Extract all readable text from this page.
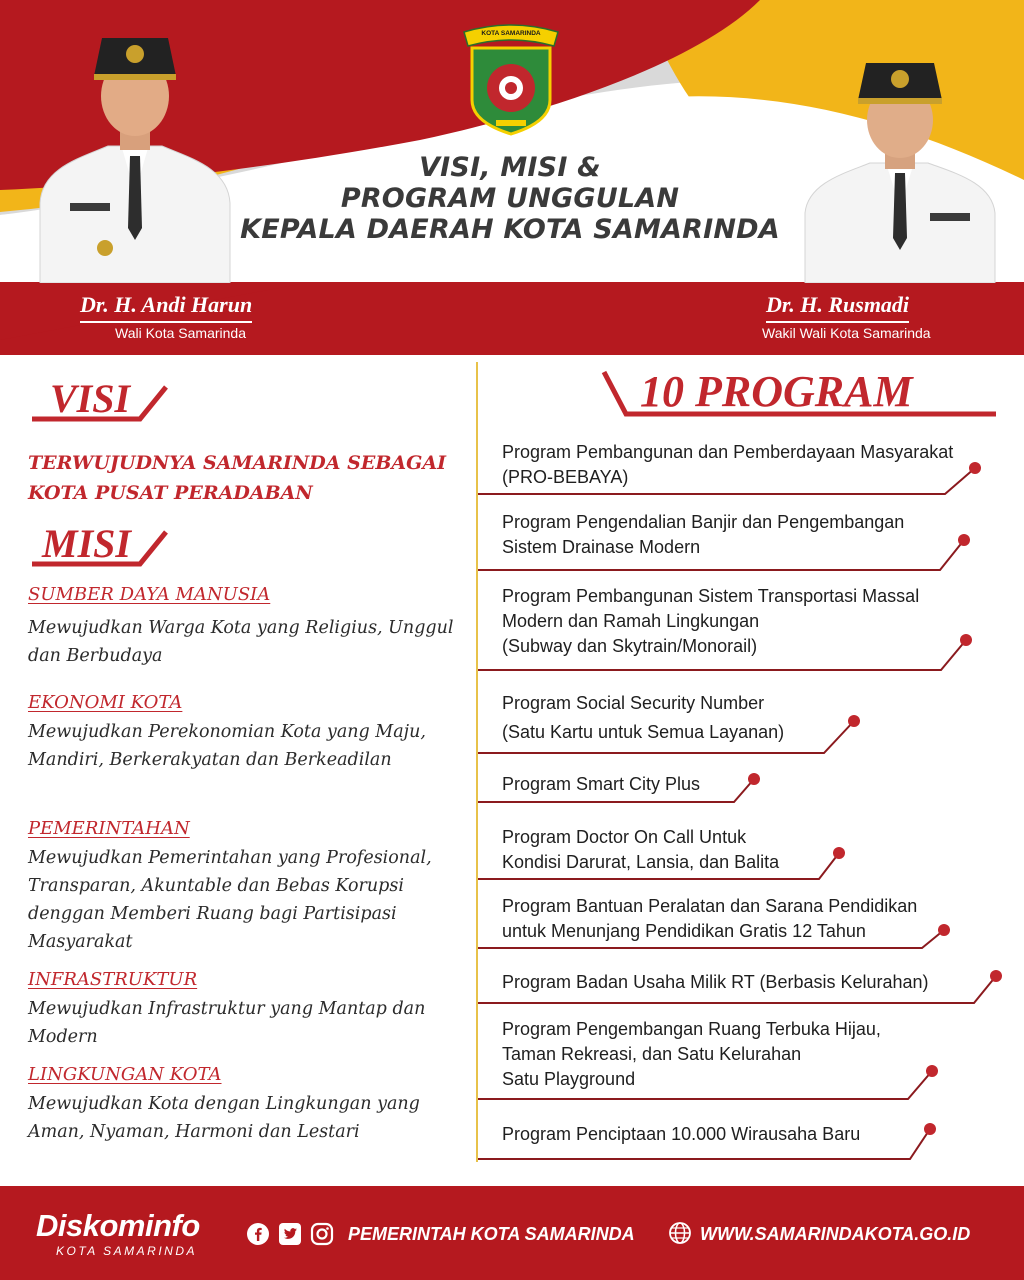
KOTA SAMARINDA
VISI, MISI &
PROGRAM UNGGULAN
KEPALA DAERAH KOTA SAMARINDA
Dr. H. Andi Harun
Wali Kota Samarinda
Dr. H. Rusmadi
Wakil Wali Kota Samarinda
VISI
TERWUJUDNYA SAMARINDA SEBAGAI KOTA PUSAT PERADABAN
MISI
SUMBER DAYA MANUSIA
Mewujudkan Warga Kota yang Religius, Unggul dan Berbudaya
EKONOMI KOTA
Mewujudkan Perekonomian Kota yang Maju, Mandiri, Berkerakyatan dan Berkeadilan
PEMERINTAHAN
Mewujudkan Pemerintahan yang Profesional, Transparan, Akuntable dan Bebas Korupsi denggan Memberi Ruang bagi Partisipasi Masyarakat
INFRASTRUKTUR
Mewujudkan Infrastruktur yang Mantap dan Modern
LINGKUNGAN KOTA
Mewujudkan Kota dengan Lingkungan yang Aman, Nyaman, Harmoni dan Lestari
10 PROGRAM
Program Pembangunan dan Pemberdayaan Masyarakat
(PRO-BEBAYA)
Program Pengendalian Banjir dan Pengembangan
Sistem Drainase Modern
Program Pembangunan Sistem Transportasi Massal
Modern dan Ramah Lingkungan
(Subway dan Skytrain/Monorail)
Program Social Security Number
(Satu Kartu untuk Semua Layanan)
Program Smart City Plus
Program Doctor On Call Untuk
Kondisi Darurat, Lansia, dan Balita
Program Bantuan Peralatan dan Sarana Pendidikan
untuk Menunjang Pendidikan Gratis 12 Tahun
Program Badan Usaha Milik RT (Berbasis Kelurahan)
Program Pengembangan Ruang Terbuka Hijau,
Taman Rekreasi, dan Satu Kelurahan
Satu Playground
Program Penciptaan 10.000 Wirausaha Baru
Diskominfo
KOTA SAMARINDA
PEMERINTAH KOTA SAMARINDA	WWW.SAMARINDAKOTA.GO.ID
